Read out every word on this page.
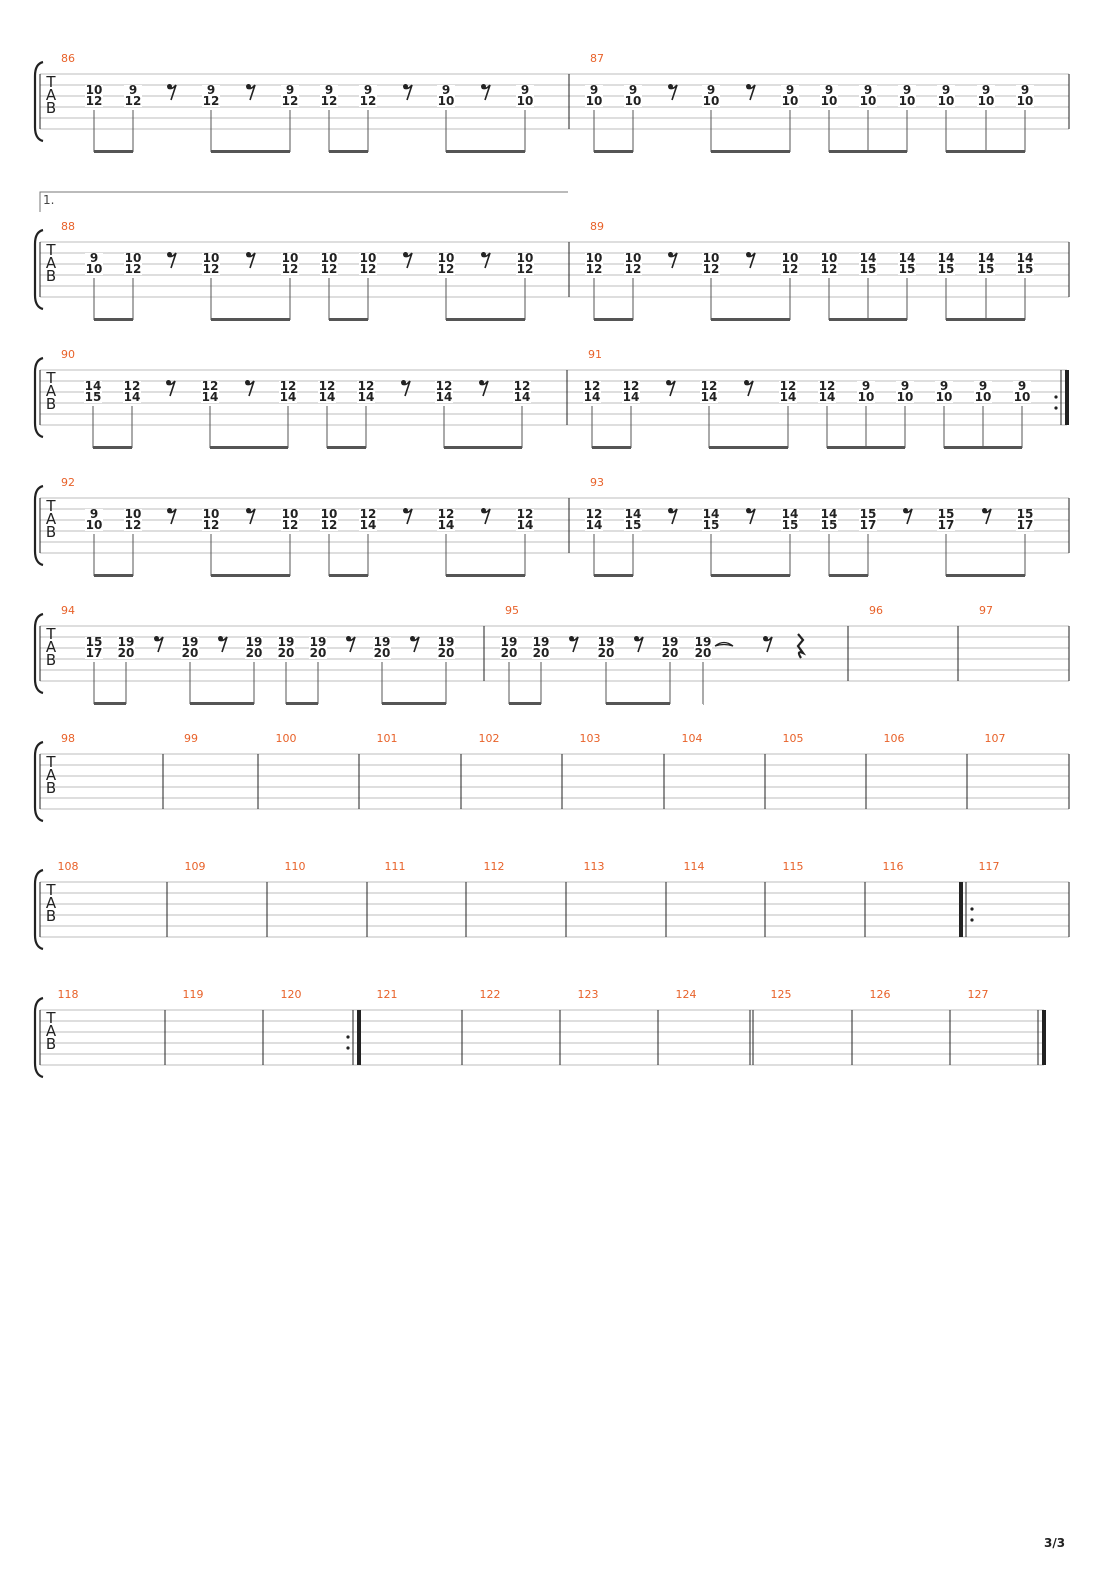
T
A
B
86
10
12
9
12
9
12
9
12
9
12
9
12
9
10
9
10
87
9
10
9
10
9
10
9
10
9
10
9
10
9
10
9
10
9
10
9
10
T
A
B
1.
88
9
10
10
12
10
12
10
12
10
12
10
12
10
12
10
12
89
10
12
10
12
10
12
10
12
10
12
14
15
14
15
14
15
14
15
14
15
T
A
B
90
14
15
12
14
12
14
12
14
12
14
12
14
12
14
12
14
91
12
14
12
14
12
14
12
14
12
14
9
10
9
10
9
10
9
10
9
10
T
A
B
92
9
10
10
12
10
12
10
12
10
12
12
14
12
14
12
14
93
12
14
14
15
14
15
14
15
14
15
15
17
15
17
15
17
T
A
B
94
15
17
19
20
19
20
19
20
19
20
19
20
19
20
19
20
95
19
20
19
20
19
20
19
20
19
20
96	97
T
A
B
98	99	100	101	102	103	104	105	106	107
T
A
B
108	109	110	111	112	113	114	115	116	117
T
A
B
118	119	120	121	122	123	124	125	126	127
3/3
